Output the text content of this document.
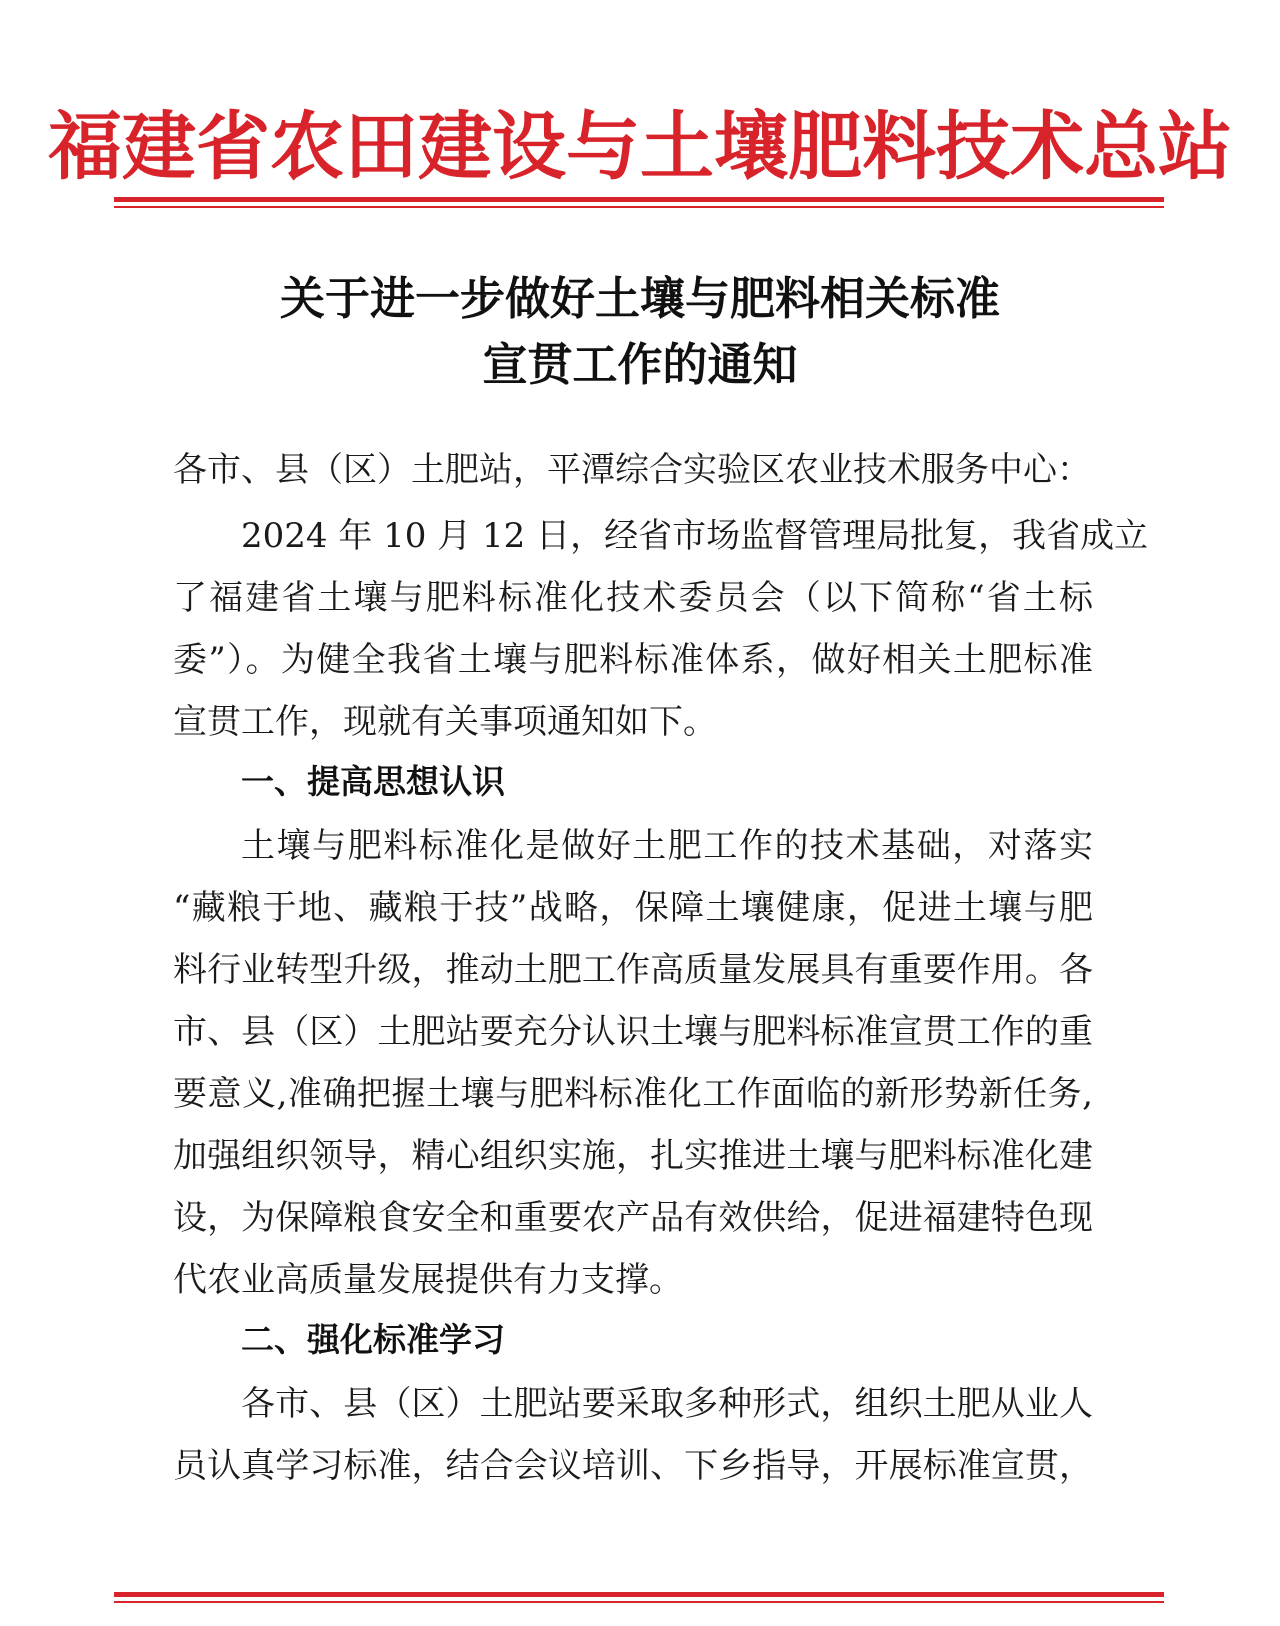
福建省农田建设与土壤肥料技术总站
关于进一步做好土壤与肥料相关标准
宣贯工作的通知
各市、县（区）土肥站，平潭综合实验区农业技术服务中心：
2024 年 10 月 12 日，经省市场监督管理局批复，我省成立
了福建省土壤与肥料标准化技术委员会（以下简称“省土标
委”）。为健全我省土壤与肥料标准体系，做好相关土肥标准
宣贯工作，现就有关事项通知如下。
一、提高思想认识
土壤与肥料标准化是做好土肥工作的技术基础，对落实
“藏粮于地、藏粮于技”战略，保障土壤健康，促进土壤与肥
料行业转型升级，推动土肥工作高质量发展具有重要作用。各
市、县（区）土肥站要充分认识土壤与肥料标准宣贯工作的重
要意义,准确把握土壤与肥料标准化工作面临的新形势新任务,
加强组织领导，精心组织实施，扎实推进土壤与肥料标准化建
设，为保障粮食安全和重要农产品有效供给，促进福建特色现
代农业高质量发展提供有力支撑。
二、强化标准学习
各市、县（区）土肥站要采取多种形式，组织土肥从业人
员认真学习标准，结合会议培训、下乡指导，开展标准宣贯，
